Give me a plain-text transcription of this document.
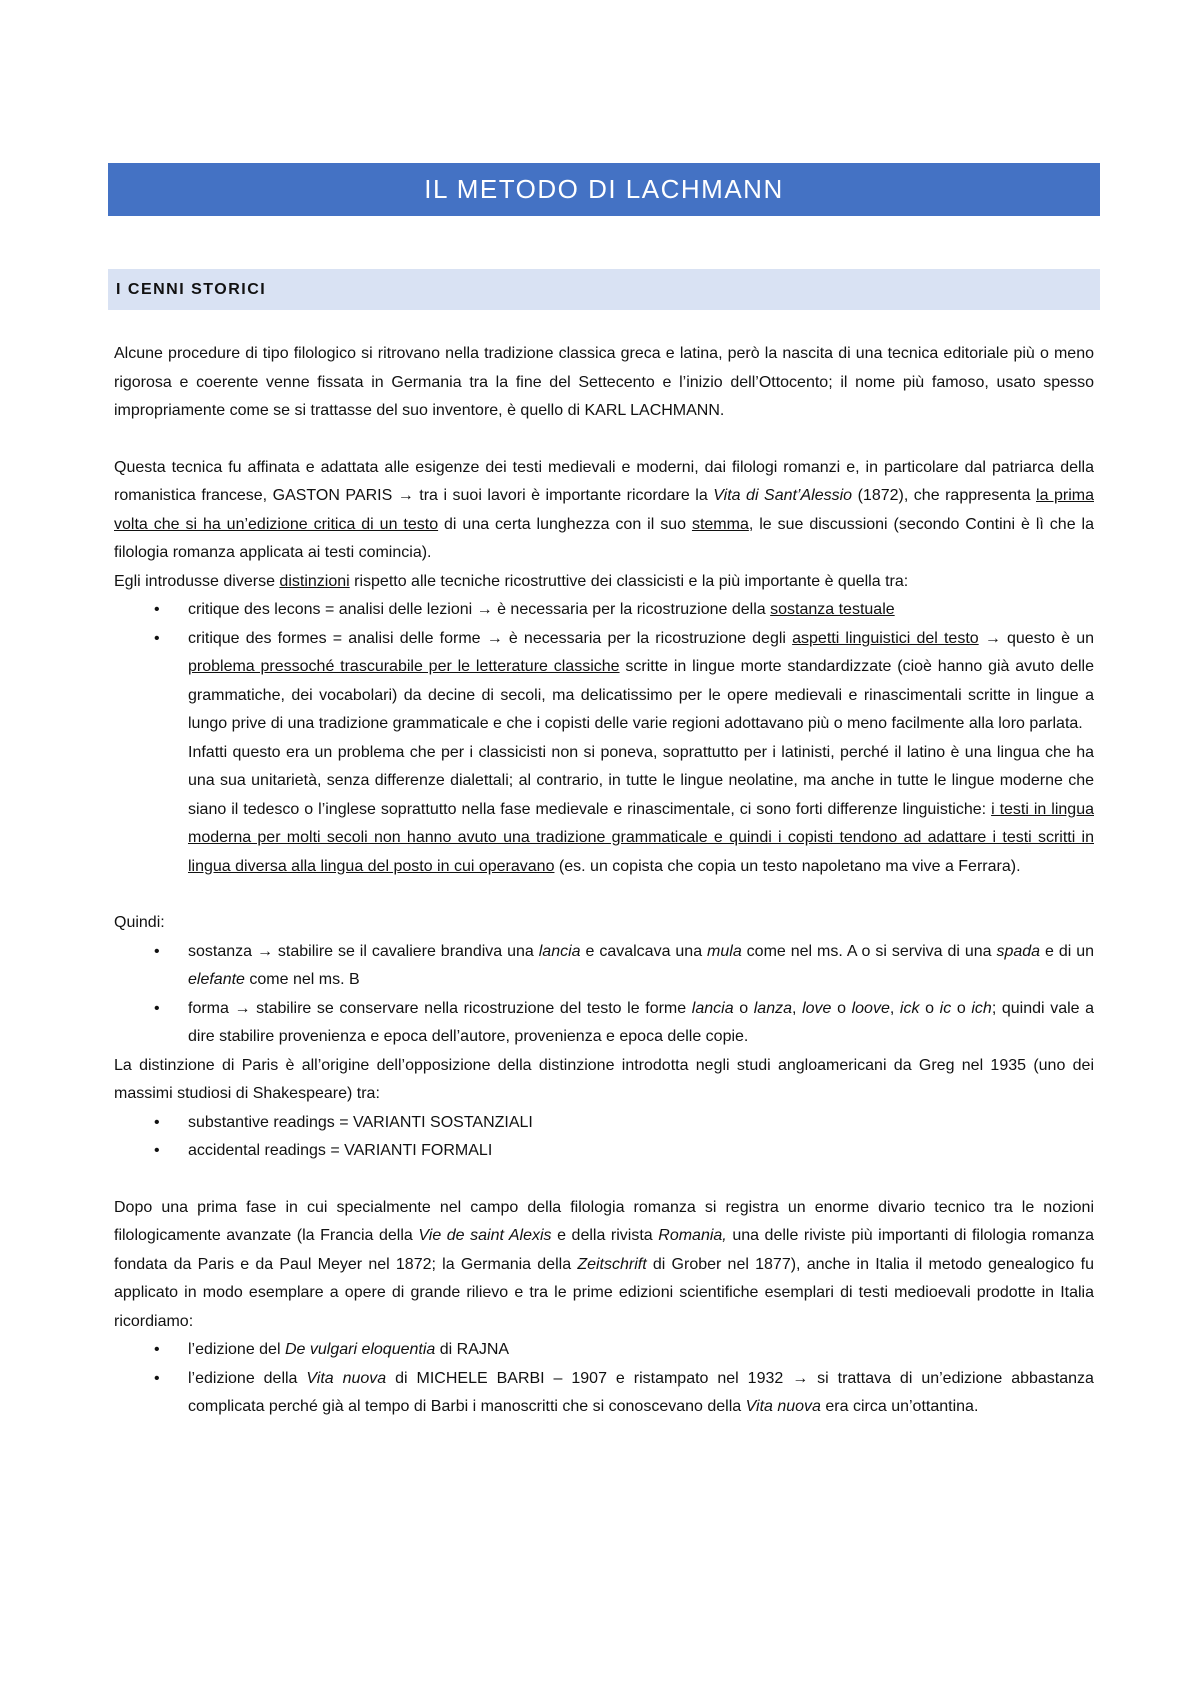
IL METODO DI LACHMANN
I CENNI STORICI

Alcune procedure di tipo filologico si ritrovano nella tradizione classica greca e latina, però la nascita di una tecnica editoriale più o meno rigorosa e coerente venne fissata in Germania tra la fine del Settecento e l’inizio dell’Ottocento; il nome più famoso, usato spesso impropriamente come se si trattasse del suo inventore, è quello di KARL LACHMANN.

Questa tecnica fu affinata e adattata alle esigenze dei testi medievali e moderni, dai filologi romanzi e, in particolare dal patriarca della romanistica francese, GASTON PARIS → tra i suoi lavori è importante ricordare la Vita di Sant’Alessio (1872), che rappresenta la prima volta che si ha un’edizione critica di un testo di una certa lunghezza con il suo stemma, le sue discussioni (secondo Contini è lì che la filologia romanza applicata ai testi comincia).

Egli introdusse diverse distinzioni rispetto alle tecniche ricostruttive dei classicisti e la più importante è quella tra:

•	critique des lecons = analisi delle lezioni → è necessaria per la ricostruzione della sostanza testuale
•	critique des formes = analisi delle forme → è necessaria per la ricostruzione degli aspetti linguistici del testo → questo è un problema pressoché trascurabile per le letterature classiche scritte in lingue morte standardizzate (cioè hanno già avuto delle grammatiche, dei vocabolari) da decine di secoli, ma delicatissimo per le opere medievali e rinascimentali scritte in lingue a lungo prive di una tradizione grammaticale e che i copisti delle varie regioni adottavano più o meno facilmente alla loro parlata.
Infatti questo era un problema che per i classicisti non si poneva, soprattutto per i latinisti, perché il latino è una lingua che ha una sua unitarietà, senza differenze dialettali; al contrario, in tutte le lingue neolatine, ma anche in tutte le lingue moderne che siano il tedesco o l’inglese soprattutto nella fase medievale e rinascimentale, ci sono forti differenze linguistiche: i testi in lingua moderna per molti secoli non hanno avuto una tradizione grammaticale e quindi i copisti tendono ad adattare i testi scritti in lingua diversa alla lingua del posto in cui operavano (es. un copista che copia un testo napoletano ma vive a Ferrara).

Quindi:

•	sostanza → stabilire se il cavaliere brandiva una lancia e cavalcava una mula come nel ms. A o si serviva di una spada e di un elefante come nel ms. B
•	forma → stabilire se conservare nella ricostruzione del testo le forme lancia o lanza, love o loove, ick o ic o ich; quindi vale a dire stabilire provenienza e epoca dell’autore, provenienza e epoca delle copie.

La distinzione di Paris è all’origine dell’opposizione della distinzione introdotta negli studi angloamericani da Greg nel 1935 (uno dei massimi studiosi di Shakespeare) tra:

•	substantive readings = VARIANTI SOSTANZIALI
•	accidental readings = VARIANTI FORMALI

Dopo una prima fase in cui specialmente nel campo della filologia romanza si registra un enorme divario tecnico tra le nozioni filologicamente avanzate (la Francia della Vie de saint Alexis e della rivista Romania, una delle riviste più importanti di filologia romanza fondata da Paris e da Paul Meyer nel 1872; la Germania della Zeitschrift di Grober nel 1877), anche in Italia il metodo genealogico fu applicato in modo esemplare a opere di grande rilievo e tra le prime edizioni scientifiche esemplari di testi medioevali prodotte in Italia ricordiamo:

•	l’edizione del De vulgari eloquentia di RAJNA
•	l’edizione della Vita nuova di MICHELE BARBI – 1907 e ristampato nel 1932 → si trattava di un’edizione abbastanza complicata perché già al tempo di Barbi i manoscritti che si conoscevano della Vita nuova era circa un’ottantina.
